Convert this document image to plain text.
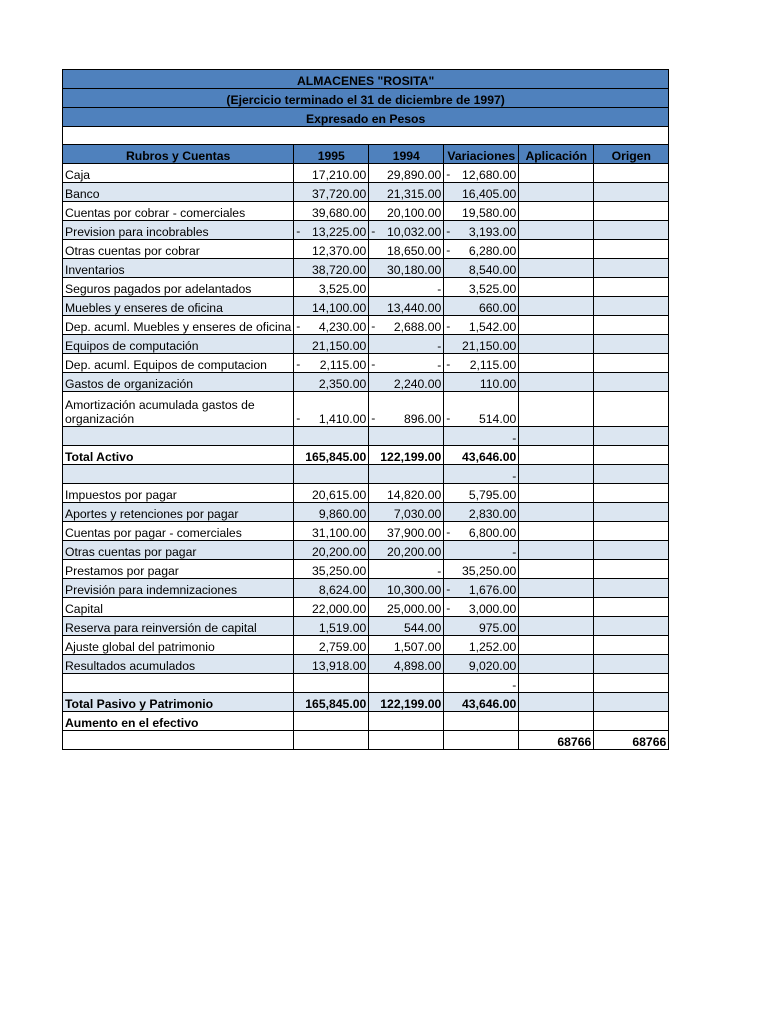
ALMACENES "ROSITA"					
(Ejercicio terminado el 31 de diciembre de 1997)					
Expresado en Pesos					

Rubros y Cuentas	1995	1994	Variaciones	Aplicación	Origen
Caja	17,210.00	29,890.00	- 12,680.00		
Banco	37,720.00	21,315.00	16,405.00		
Cuentas por cobrar - comerciales	39,680.00	20,100.00	19,580.00		
Prevision para incobrables	- 13,225.00	- 10,032.00	- 3,193.00		
Otras cuentas por cobrar	12,370.00	18,650.00	- 6,280.00		
Inventarios	38,720.00	30,180.00	8,540.00		
Seguros pagados por adelantados	3,525.00	-	3,525.00		
Muebles y enseres de oficina	14,100.00	13,440.00	660.00		
Dep. acuml. Muebles y enseres de oficina	- 4,230.00	- 2,688.00	- 1,542.00		
Equipos de computación	21,150.00	-	21,150.00		
Dep. acuml. Equipos de computacion	- 2,115.00	- -	- 2,115.00		
Gastos de organización	2,350.00	2,240.00	110.00		
Amortización acumulada gastos de organización	- 1,410.00	- 896.00	- 514.00		
			-		
Total Activo	165,845.00	122,199.00	43,646.00		
			-		
Impuestos por pagar	20,615.00	14,820.00	5,795.00		
Aportes y retenciones por pagar	9,860.00	7,030.00	2,830.00		
Cuentas por pagar - comerciales	31,100.00	37,900.00	- 6,800.00		
Otras cuentas por pagar	20,200.00	20,200.00	-		
Prestamos por pagar	35,250.00	-	35,250.00		
Previsión para indemnizaciones	8,624.00	10,300.00	- 1,676.00		
Capital	22,000.00	25,000.00	- 3,000.00		
Reserva para reinversión de capital	1,519.00	544.00	975.00		
Ajuste global del patrimonio	2,759.00	1,507.00	1,252.00		
Resultados acumulados	13,918.00	4,898.00	9,020.00		
			-		
Total Pasivo y Patrimonio	165,845.00	122,199.00	43,646.00		
Aumento en el efectivo					
				68766	68766
